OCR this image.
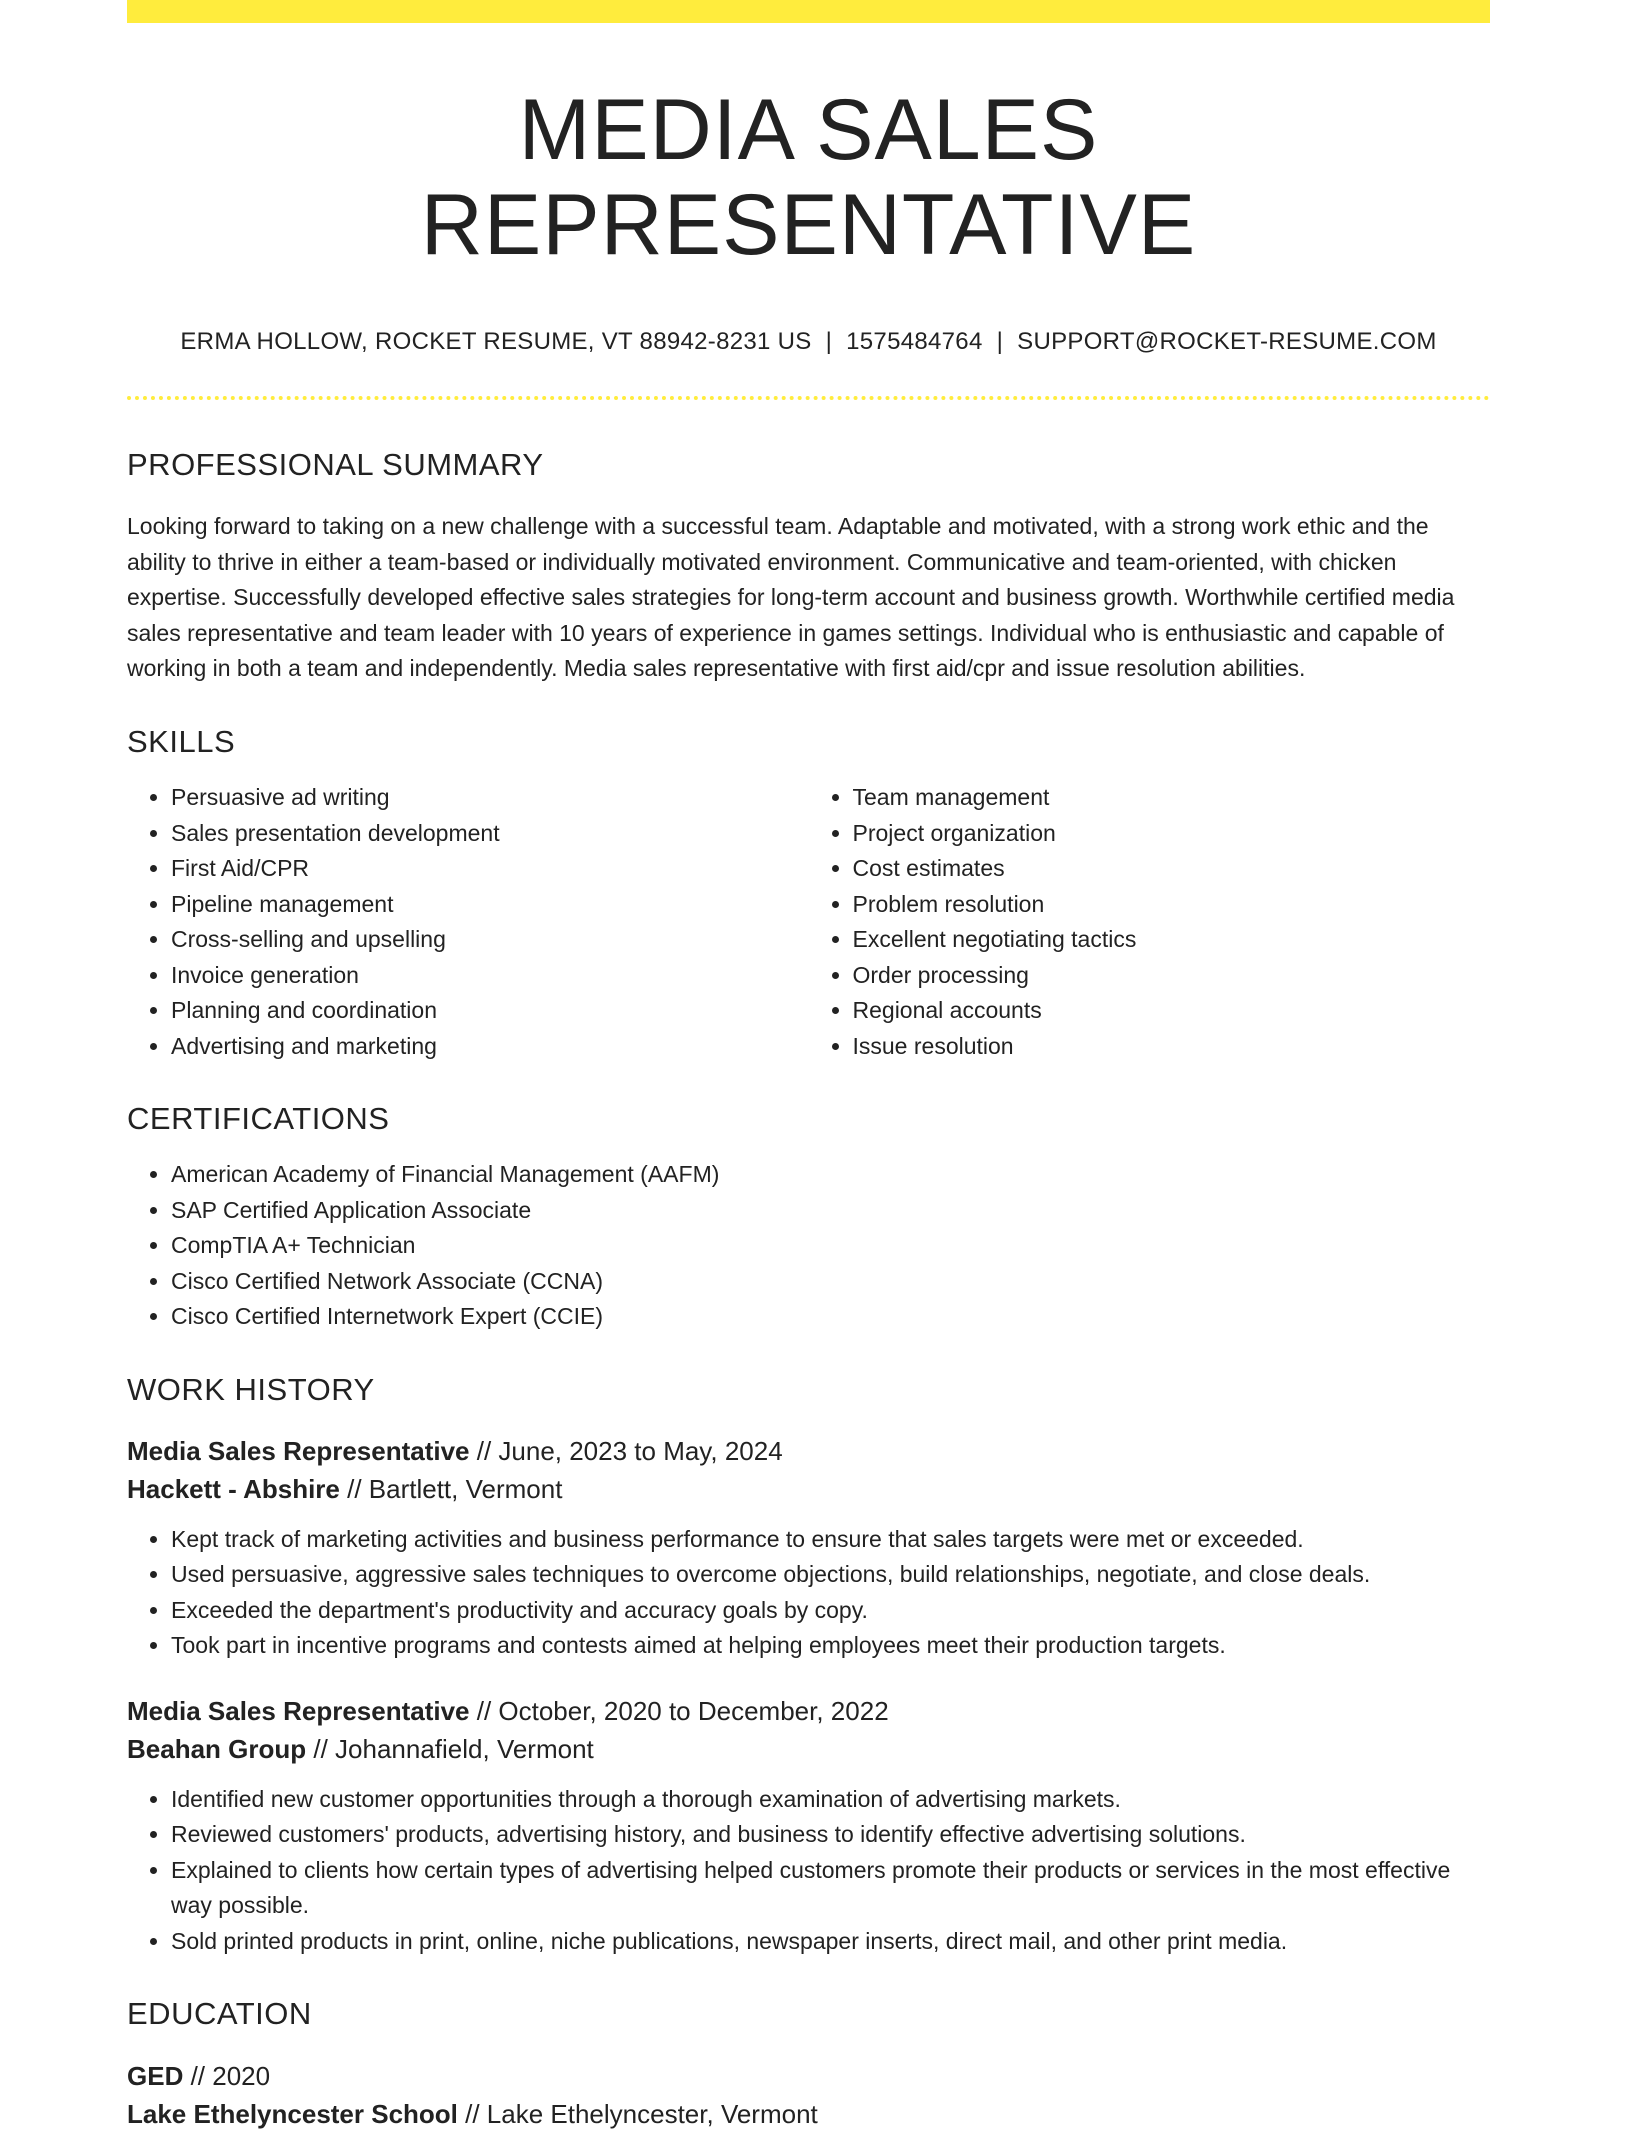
MEDIA SALES REPRESENTATIVE
ERMA HOLLOW, ROCKET RESUME, VT 88942-8231 US | 1575484764 | SUPPORT@ROCKET-RESUME.COM
PROFESSIONAL SUMMARY

Looking forward to taking on a new challenge with a successful team. Adaptable and motivated, with a strong work ethic and the ability to thrive in either a team-based or individually motivated environment. Communicative and team-oriented, with chicken expertise. Successfully developed effective sales strategies for long-term account and business growth. Worthwhile certified media sales representative and team leader with 10 years of experience in games settings. Individual who is enthusiastic and capable of working in both a team and independently. Media sales representative with first aid/cpr and issue resolution abilities.

SKILLS
• Persuasive ad writing
• Sales presentation development
• First Aid/CPR
• Pipeline management
• Cross-selling and upselling
• Invoice generation
• Planning and coordination
• Advertising and marketing
• Team management
• Project organization
• Cost estimates
• Problem resolution
• Excellent negotiating tactics
• Order processing
• Regional accounts
• Issue resolution
CERTIFICATIONS
• American Academy of Financial Management (AAFM)
• SAP Certified Application Associate
• CompTIA A+ Technician
• Cisco Certified Network Associate (CCNA)
• Cisco Certified Internetwork Expert (CCIE)
WORK HISTORY
Media Sales Representative // June, 2023 to May, 2024
Hackett - Abshire // Bartlett, Vermont
• Kept track of marketing activities and business performance to ensure that sales targets were met or exceeded.
• Used persuasive, aggressive sales techniques to overcome objections, build relationships, negotiate, and close deals.
• Exceeded the department's productivity and accuracy goals by copy.
• Took part in incentive programs and contests aimed at helping employees meet their production targets.
Media Sales Representative // October, 2020 to December, 2022
Beahan Group // Johannafield, Vermont
• Identified new customer opportunities through a thorough examination of advertising markets.
• Reviewed customers' products, advertising history, and business to identify effective advertising solutions.
• Explained to clients how certain types of advertising helped customers promote their products or services in the most effective way possible.
• Sold printed products in print, online, niche publications, newspaper inserts, direct mail, and other print media.
EDUCATION
GED // 2020
Lake Ethelyncester School // Lake Ethelyncester, Vermont
